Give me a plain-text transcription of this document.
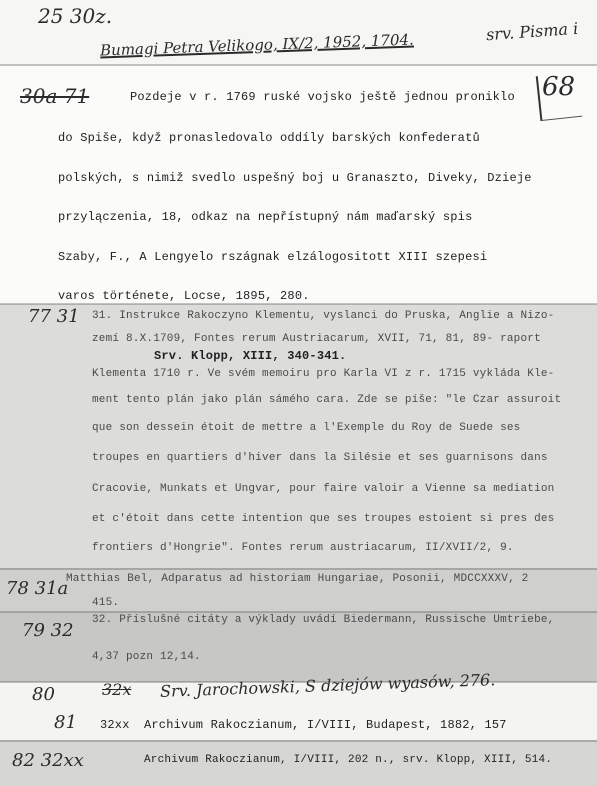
25 30z.
srv. Pisma i
Bumagi Petra Velikogo, IX/2, 1952, 1704.
30a 71	68
Pozdeje v r. 1769 ruské vojsko ještě jednou proniklo
do Spiše, když pronasledovalo oddíly barských konfederatů
polských, s nimiž svedlo uspešný boj u Granaszto, Diveky, Dzieje
przylączenia, 18, odkaz na nepřístupný nám maďarský spis
Szaby, F., A Lengyelo rszágnak elzálogositott XIII szepesi
varos története, Locse, 1895, 280.
77 31 31. Instrukce Rakoczyno Klementu, vyslanci do Pruska, Anglie a Nizo-
zemí 8.X.1709, Fontes rerum Austriacarum, XVII, 71, 81, 89- raport
Srv. Klopp, XIII, 340-341.
Klementa 1710 r. Ve svém memoiru pro Karla VI z r. 1715 vykláda Kle-
ment tento plán jako plán sámého cara. Zde se píše: "le Czar assuroit
que son dessein étoit de mettre a l'Exemple du Roy de Suede ses
troupes en quartiers d'hiver dans la Silésie et ses guarnisons dans
Cracovie, Munkats et Ungvar, pour faire valoir a Vienne sa mediation
et c'étoit dans cette intention que ses troupes estoient si pres des
frontiers d'Hongrie". Fontes rerum austriacarum, II/XVII/2, 9.
78 31a
Matthias Bel, Adparatus ad historiam Hungariae, Posonii, MDCCXXXV, 2
415.
79 32 32. Příslušné citáty a výklady uvádí Biedermann, Russische Umtriebe,
4,37 pozn 12,14.
80	32x Srv. Jarochowski, S dziejów wyasów, 276.
81 32xx Archivum Rakoczianum, I/VIII, Budapest, 1882, 157
82 32xx	Archivum Rakoczianum, I/VIII, 202 n., srv. Klopp, XIII, 514.
